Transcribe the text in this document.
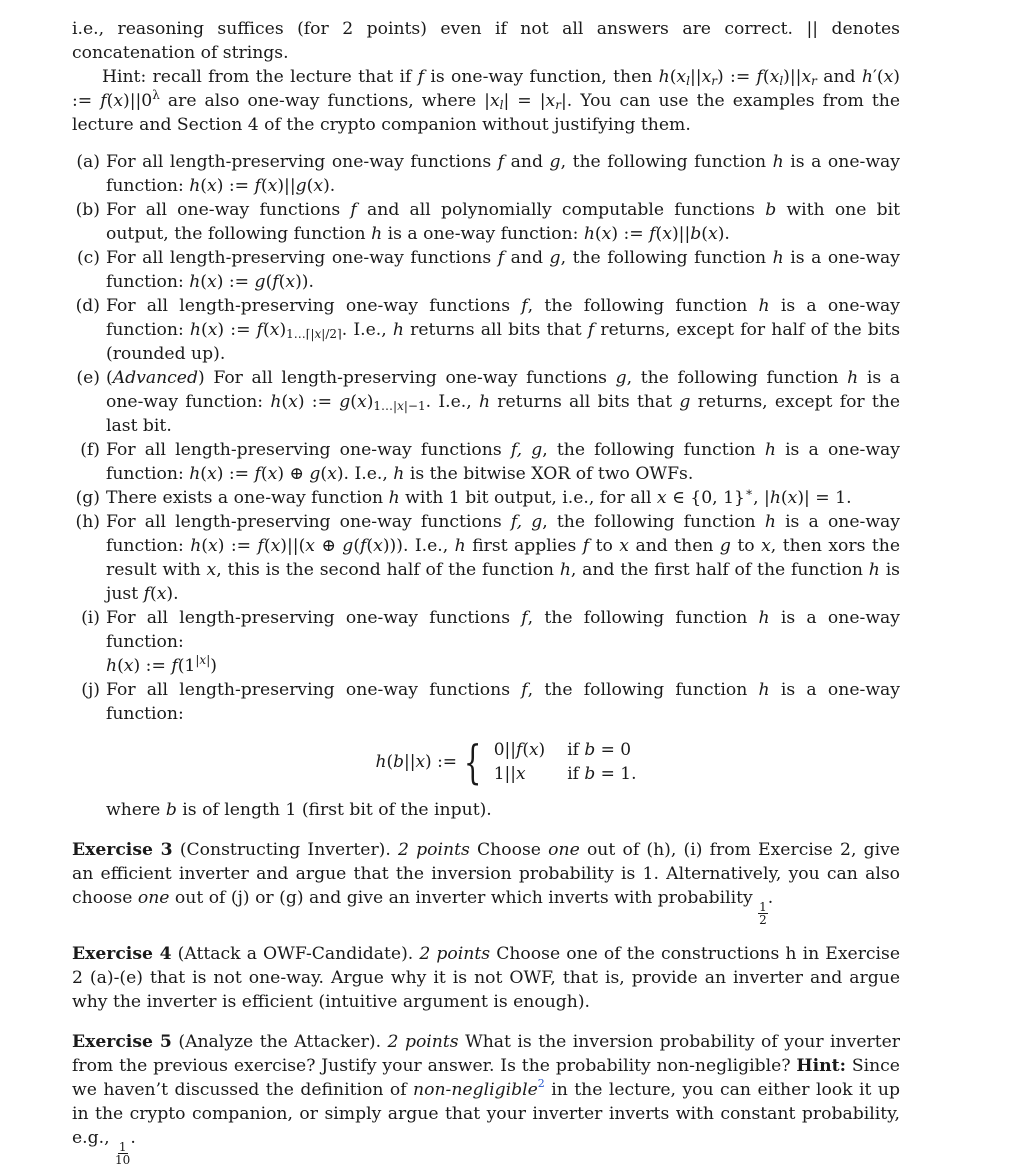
i.e., reasoning suffices (for 2 points) even if not all answers are correct. || denotes concatenation of strings.

Hint: recall from the lecture that if f is one-way function, then $h(x_l||x_r)$ := $f(x_l)||x_r$ and h′(x) := $f(x)||0^\lambda$ are also one-way functions, where $|x_l| = |x_r|$. You can use the examples from the lecture and Section 4 of the crypto companion without justifying them.

(a) For all length-preserving one-way functions f and g, the following function h is a one-way function: h(x) := f(x)||g(x).
(b) For all one-way functions f and all polynomially computable functions b with one bit output, the following function h is a one-way function: h(x) := f(x)||b(x).
(c) For all length-preserving one-way functions f and g, the following function h is a one-way function: h(x) := g(f(x)).
(d) For all length-preserving one-way functions f, the following function h is a one-way function: h(x) := $f(x)_{1\dots⌈|x|/2⌉}$. I.e., h returns all bits that f returns, except for half of the bits (rounded up).
(e) (Advanced) For all length-preserving one-way functions g, the following function h is a one-way function: h(x) := $g(x)_{1\dots|x|-1}$. I.e., h returns all bits that g returns, except for the last bit.
(f) For all length-preserving one-way functions f, g, the following function h is a one-way function: h(x) := f(x) ⊕ g(x). I.e., h is the bitwise XOR of two OWFs.
(g) There exists a one-way function h with 1 bit output, i.e., for all x ∈ {0, 1}∗, |h(x)| = 1.
(h) For all length-preserving one-way functions f, g, the following function h is a one-way function: h(x) := f(x)||(x ⊕ g(f(x))). I.e., h first applies f to x and then g to x, then xors the result with x, this is the second half of the function h, and the first half of the function h is just f(x).
(i) For all length-preserving one-way functions f, the following function h is a one-way function:
h(x) := $f(1^{|x|})$
(j) For all length-preserving one-way functions f, the following function h is a one-way function:
h ( b || x ) := { 0||f(x) if b = 0
1||x	if b = 1.

where b is of length 1 (first bit of the input).

Exercise 3 (Constructing Inverter). 2 points Choose one out of (h), (i) from Exercise 2, give an efficient inverter and argue that the inversion probability is 1. Alternatively, you can also choose one out of (j) or (g) and give an inverter which inverts with probability
$\frac{1}{2}$
.

Exercise 4 (Attack a OWF-Candidate). 2 points Choose one of the constructions h in Exercise 2 (a)-(e) that is not one-way. Argue why it is not OWF, that is, provide an inverter and argue why the inverter is efficient (intuitive argument is enough).

Exercise 5 (Analyze the Attacker). 2 points What is the inversion probability of your inverter from the previous exercise? Justify your answer. Is the probability non-negligible? Hint: Since we haven’t discussed the definition of non-negligible$^2$ in the lecture, you can either look it up in the crypto companion, or simply argue that your inverter inverts with constant probability, e.g.,
$\frac{1}{10}$
.
